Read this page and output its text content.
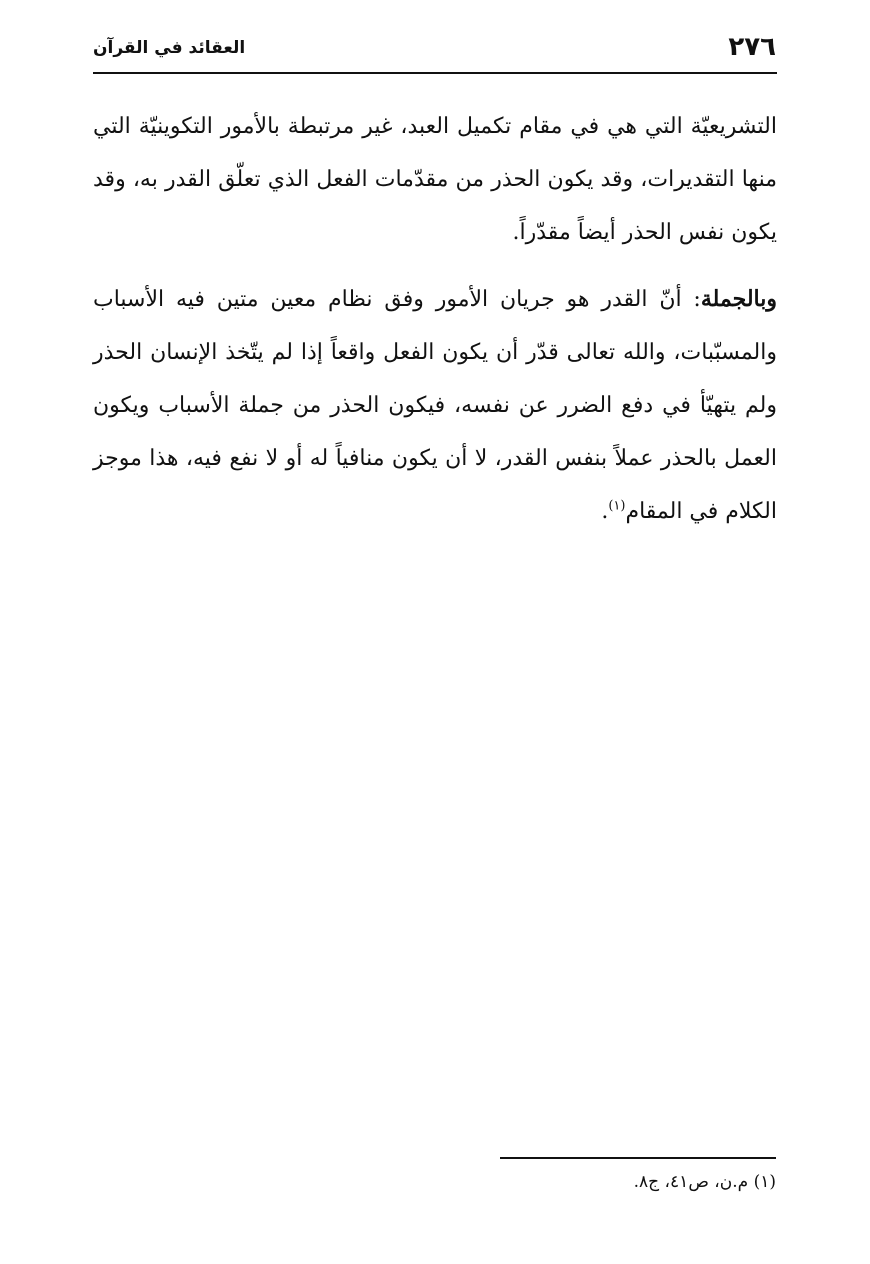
٢٧٦
العقائد في القرآن

التشريعيّة التي هي في مقام تكميل العبد، غير مرتبطة بالأمور التكوينيّة التي منها التقديرات، وقد يكون الحذر من مقدّمات الفعل الذي تعلّق القدر به، وقد يكون نفس الحذر أيضاً مقدّراً.

وبالجملة: أنّ القدر هو جريان الأمور وفق نظام معين متين فيه الأسباب والمسبّبات، والله تعالى قدّر أن يكون الفعل واقعاً إذا لم يتّخذ الإنسان الحذر ولم يتهيّأ في دفع الضرر عن نفسه، فيكون الحذر من جملة الأسباب ويكون العمل بالحذر عملاً بنفس القدر، لا أن يكون منافياً له أو لا نفع فيه، هذا موجز الكلام في المقام$^{(١)}$.

(١) م.ن، ص٤١، ج٨.
